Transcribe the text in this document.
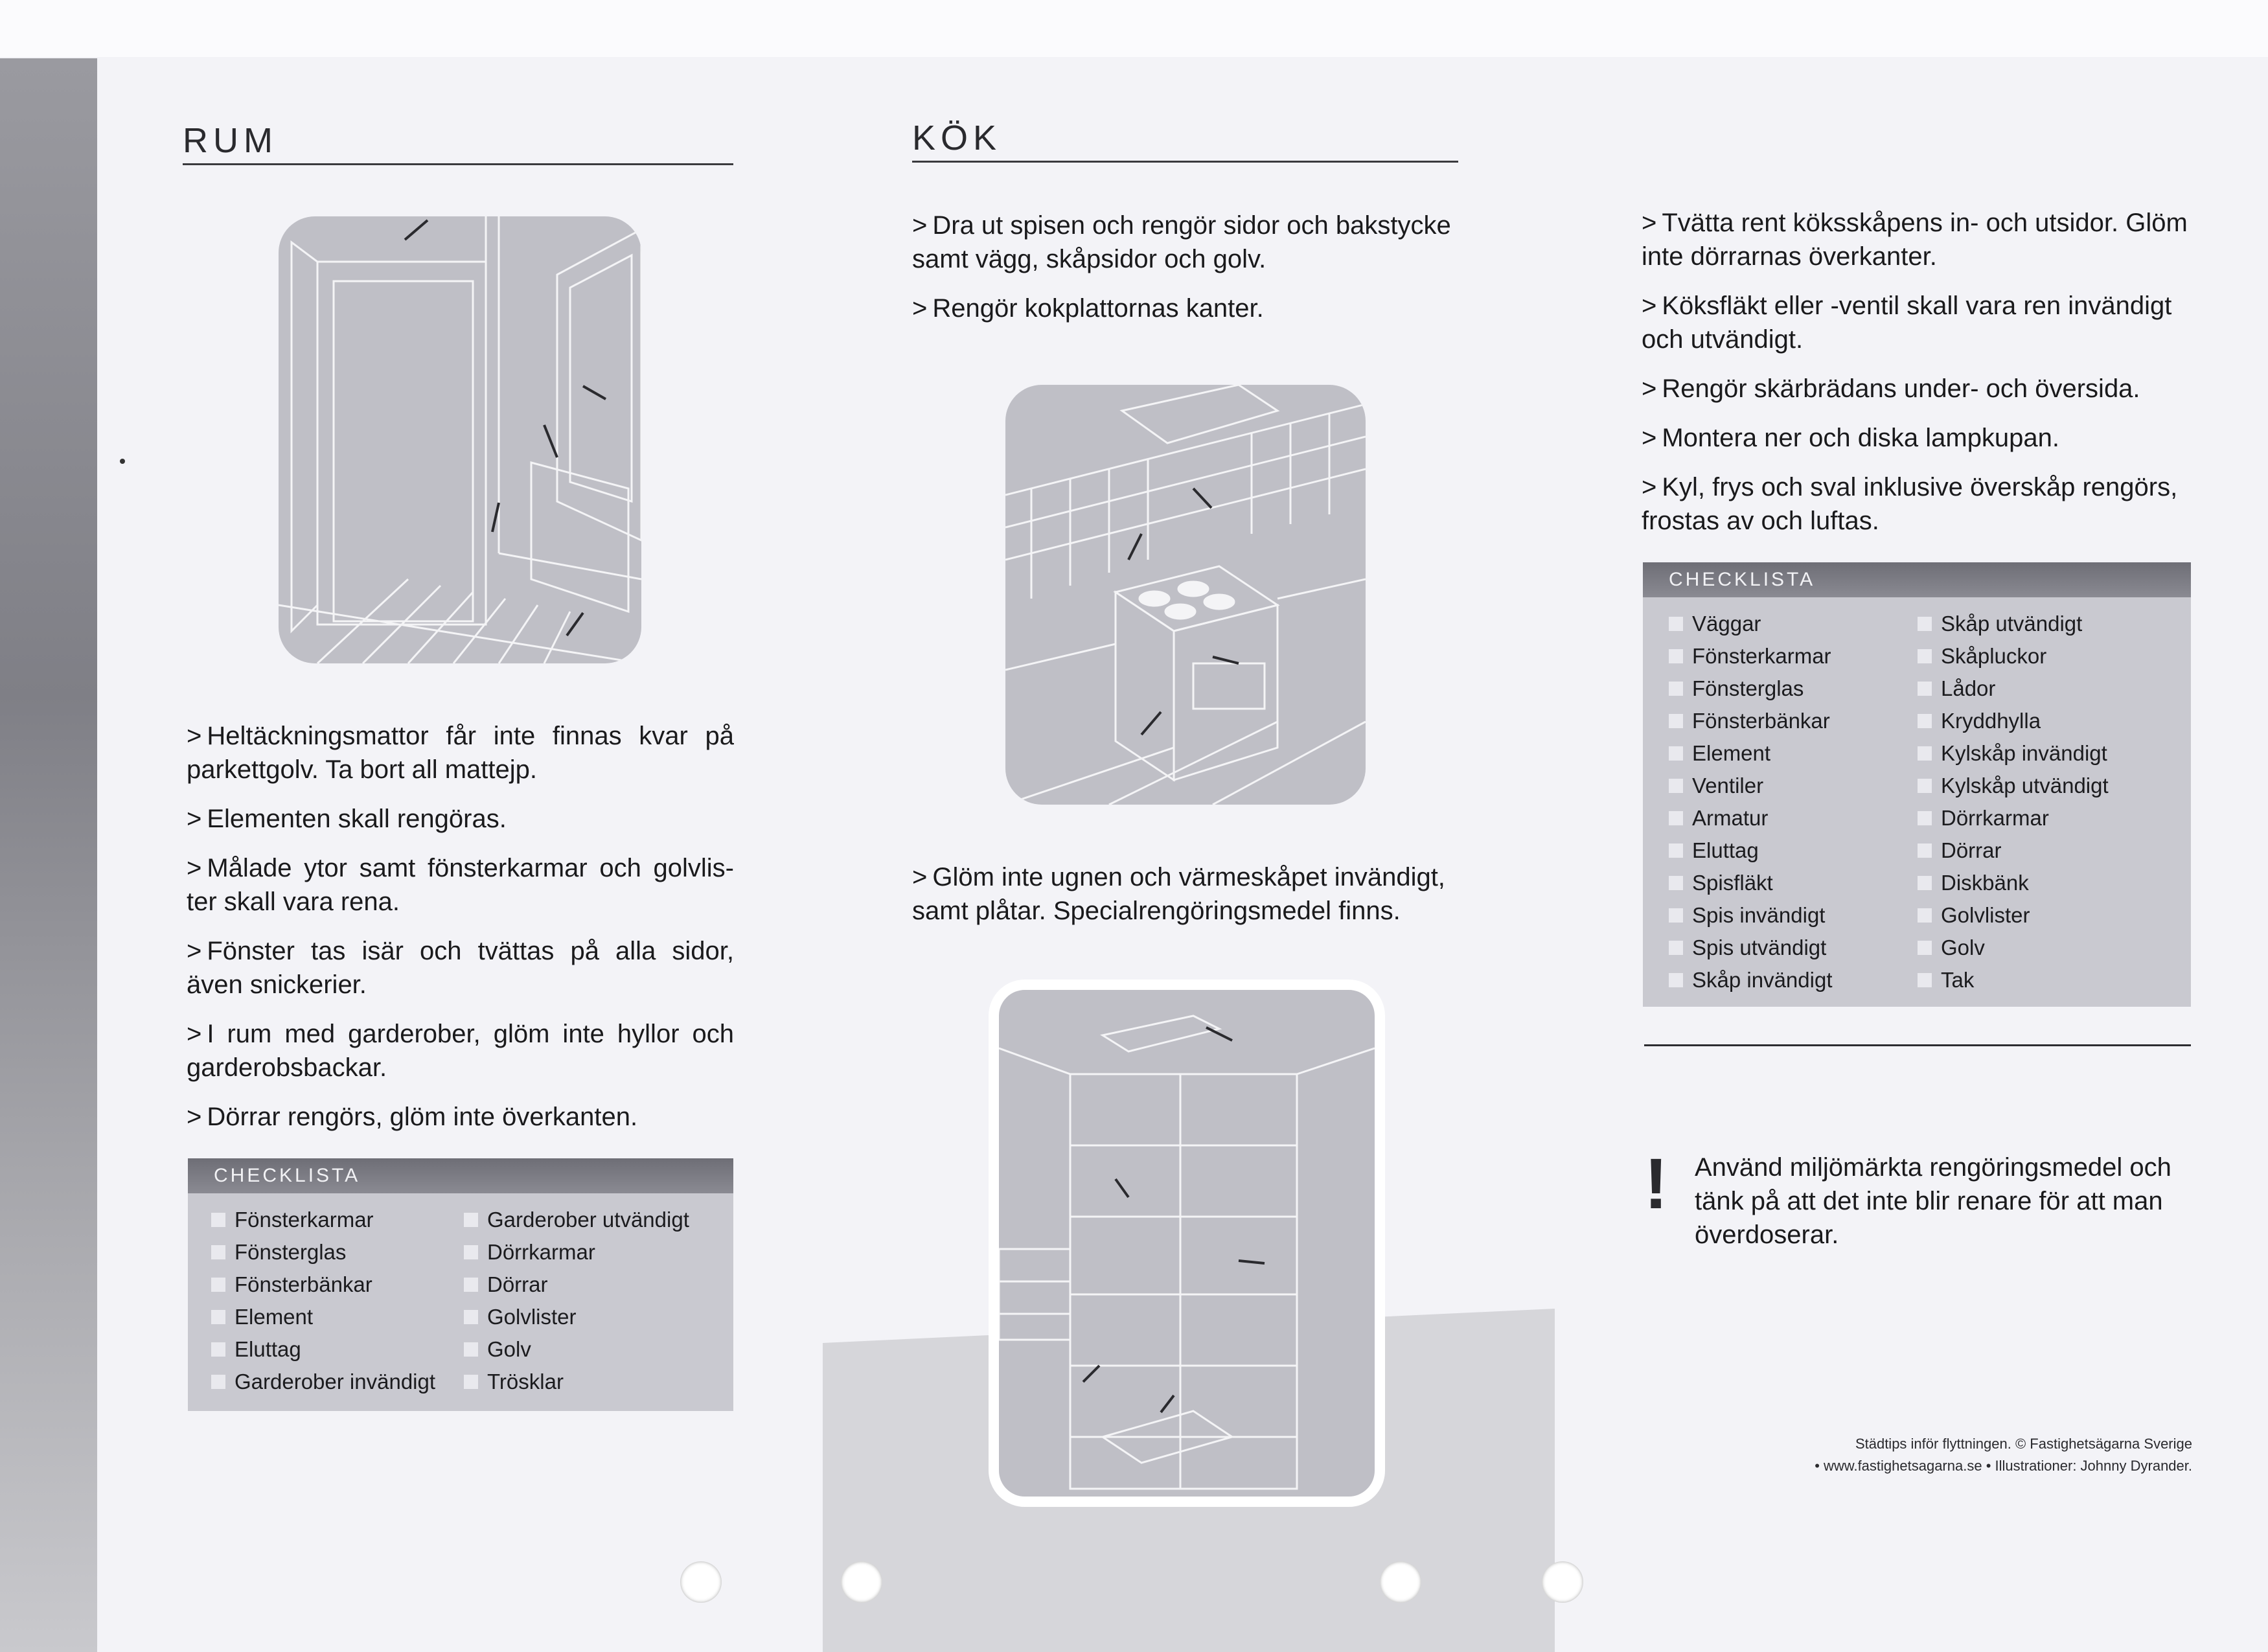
RUM

> Heltäckningsmattor får inte finnas kvar på parkettgolv. Ta bort all mattejp.

> Elementen skall rengöras.

> Målade ytor samt fönsterkarmar och golvlis-ter skall vara rena.

> Fönster tas isär och tvättas på alla sidor, även snickerier.

> I rum med garderober, glöm inte hyllor och garderobsbackar.

> Dörrar rengörs, glöm inte överkanten.

CHECKLISTA
Fönsterkarmar
Fönsterglas
Fönsterbänkar
Element
Eluttag
Garderober invändigt
Garderober utvändigt
Dörrkarmar
Dörrar
Golvlister
Golv
Trösklar
KÖK

> Dra ut spisen och rengör sidor och bakstycke samt vägg, skåpsidor och golv.

> Rengör kokplattornas kanter.

> Glöm inte ugnen och värmeskåpet invändigt, samt plåtar. Specialrengöringsmedel finns.

> Tvätta rent köksskåpens in- och utsidor. Glöm inte dörrarnas överkanter.

> Köksfläkt eller -ventil skall vara ren invändigt och utvändigt.

> Rengör skärbrädans under- och översida.

> Montera ner och diska lampkupan.

> Kyl, frys och sval inklusive överskåp rengörs, frostas av och luftas.

CHECKLISTA
Väggar
Fönsterkarmar
Fönsterglas
Fönsterbänkar
Element
Ventiler
Armatur
Eluttag
Spisfläkt
Spis invändigt
Spis utvändigt
Skåp invändigt
Skåp utvändigt
Skåpluckor
Lådor
Kryddhylla
Kylskåp invändigt
Kylskåp utvändigt
Dörrkarmar
Dörrar
Diskbänk
Golvlister
Golv
Tak
! Använd miljömärkta rengöringsmedel och tänk på att det inte blir renare för att man överdoserar.
Städtips inför flyttningen. © Fastighetsägarna Sverige
• www.fastighetsagarna.se • Illustrationer: Johnny Dyrander.
